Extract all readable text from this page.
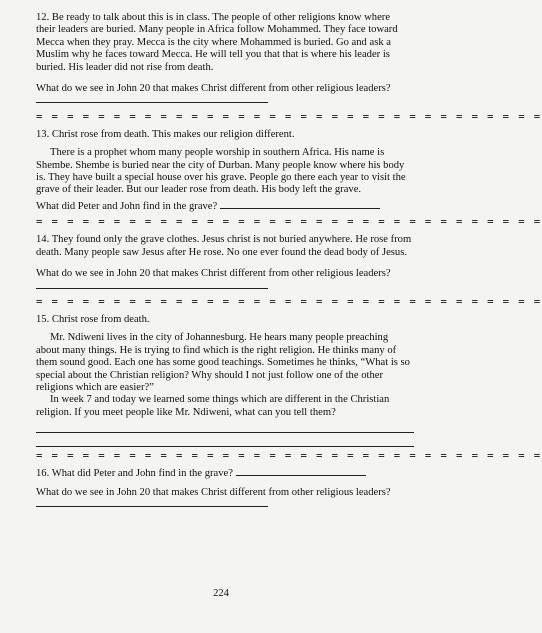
12. Be ready to talk about this is in class. The people of other religions know where their leaders are buried. Many people in Africa follow Mohammed. They face toward Mecca when they pray. Mecca is the city where Mohammed is buried. Go and ask a Muslim why he faces toward Mecca. He will tell you that that is where his leader is buried. His leader did not rise from death.

What do we see in John 20 that makes Christ different from other religious leaders?

= = = = = = = = = = = = = = = = = = = = = = = = = = = = = = = = =

13. Christ rose from death. This makes our religion different.

There is a prophet whom many people worship in southern Africa. His name is Shembe. Shembe is buried near the city of Durban. Many people know where his body is. They have built a special house over his grave. People go there each year to visit the grave of their leader. But our leader rose from death. His body left the grave.

What did Peter and John find in the grave?

= = = = = = = = = = = = = = = = = = = = = = = = = = = = = = = = =

14. They found only the grave clothes. Jesus christ is not buried anywhere. He rose from death. Many people saw Jesus after He rose. No one ever found the dead body of Jesus.

What do we see in John 20 that makes Christ different from other religious leaders?

= = = = = = = = = = = = = = = = = = = = = = = = = = = = = = = = =

15. Christ rose from death.

Mr. Ndiweni lives in the city of Johannesburg. He hears many people preaching about many things. He is trying to find which is the right religion. He thinks many of them sound good. Each one has some good teachings. Sometimes he thinks, “What is so special about the Christian religion? Why should I not just follow one of the other religions which are easier?”

In week 7 and today we learned some things which are different in the Christian religion. If you meet people like Mr. Ndiweni, what can you tell them?

= = = = = = = = = = = = = = = = = = = = = = = = = = = = = = = = =

16. What did Peter and John find in the grave?

What do we see in John 20 that makes Christ different from other religious leaders?

224
